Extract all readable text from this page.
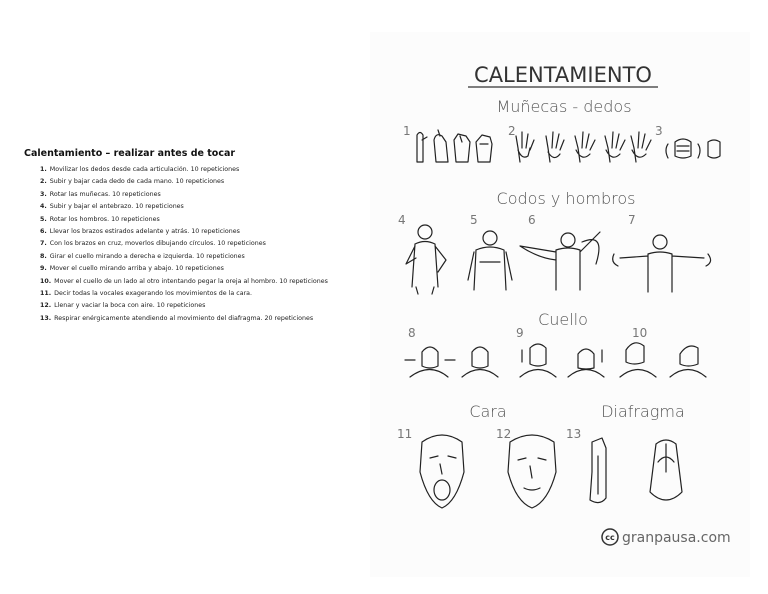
Calentamiento – realizar antes de tocar
1. Movilizar los dedos desde cada articulación. 10 repeticiones
2. Subir y bajar cada dedo de cada mano. 10 repeticiones
3. Rotar las muñecas. 10 repeticiones
4. Subir y bajar el antebrazo. 10 repeticiones
5. Rotar los hombros. 10 repeticiones
6. Llevar los brazos estirados adelante y atrás. 10 repeticiones
7. Con los brazos en cruz, moverlos dibujando círculos. 10 repeticiones
8. Girar el cuello mirando a derecha e izquierda. 10 repeticiones
9. Mover el cuello mirando arriba y abajo. 10 repeticiones
10. Mover el cuello de un lado al otro intentando pegar la oreja al hombro. 10 repeticiones
11. Decir todas la vocales exagerando los movimientos de la cara.
12. Llenar y vaciar la boca con aire. 10 repeticiones
13. Respirar enérgicamente atendiendo al movimiento del diafragma. 20 repeticiones
CALENTAMIENTO
Muñecas - dedos
1	2	3
Codos y hombros
4	5	6	7
Cuello
8	9	10
Cara	Diafragma
11	12	13
cc granpausa.com
